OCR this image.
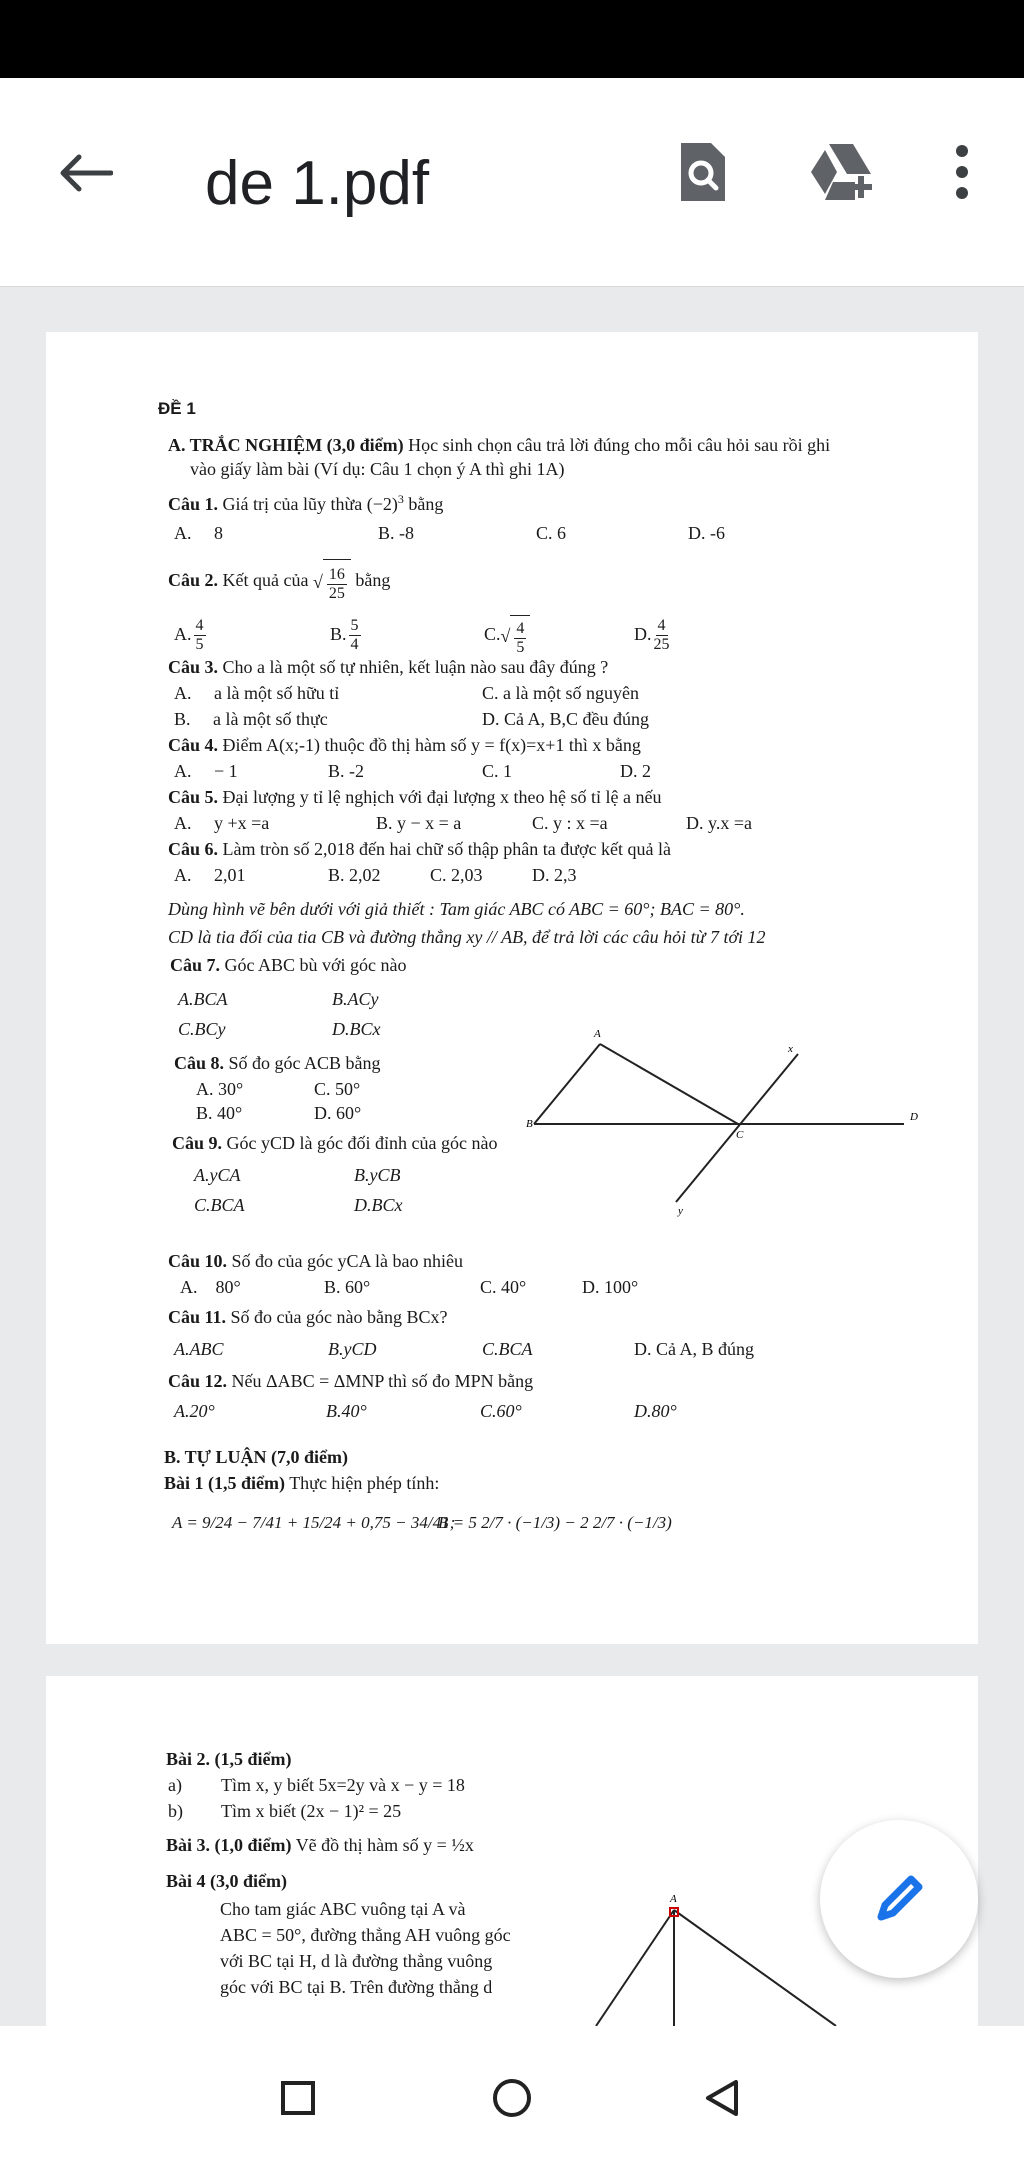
de 1.pdf
ĐỀ 1
A. TRẮC NGHIỆM (3,0 điểm) Học sinh chọn câu trả lời đúng cho mỗi câu hỏi sau rồi ghi
vào giấy làm bài (Ví dụ: Câu 1 chọn ý A thì ghi 1A)
Câu 1. Giá trị của lũy thừa $(-2)^3$ bằng
A. 8	B. -8	C. 6	D. -6
Câu 2. Kết quả của √ $\frac{16}{25}$ bằng
A. $\frac{4}{5}$	B. $\frac{5}{4}$	$C.√ \frac{4}{5}$	D. $\frac{4}{25}$
Câu 3. Cho a là một số tự nhiên, kết luận nào sau đây đúng ?
A. a là một số hữu tỉ	C. a là một số nguyên
B. a là một số thực	D. Cả A, B,C đều đúng
Câu 4. Điểm A(x;-1) thuộc đồ thị hàm số y = f(x)=x+1 thì x bằng
A. − 1	B. -2	C. 1	D. 2
Câu 5. Đại lượng y tỉ lệ nghịch với đại lượng x theo hệ số tỉ lệ a nếu
A. y +x =a	B. y − x = a	C. y : x =a	D. y.x =a
Câu 6. Làm tròn số 2,018 đến hai chữ số thập phân ta được kết quả là
A. 2,01	B. 2,02	C. 2,03	D. 2,3
Dùng hình vẽ bên dưới với giả thiết : Tam giác ABC có ABC = 60°; BAC = 80°.
CD là tia đối của tia CB và đường thẳng xy // AB, để trả lời các câu hỏi từ 7 tới 12
Câu 7. Góc ABC bù với góc nào
A.BCA	B.ACy
C.BCy	D.BCx
Câu 8. Số đo góc ACB bằng
A. 30°	C. 50°
B. 40°	D. 60°
Câu 9. Góc yCD là góc đối đỉnh của góc nào
A.yCA	B.yCB
C.BCA	D.BCx
A
B
C
D
x
y
Câu 10. Số đo của góc yCA là bao nhiêu
A. 80°	B. 60°	C. 40°	D. 100°
Câu 11. Số đo của góc nào bằng BCx?
A.ABC	B.yCD	C.BCA	D. Cả A, B đúng
Câu 12. Nếu ΔABC = ΔMNP thì số đo MPN bằng
A.20°	B.40°	C.60°	D.80°
B. TỰ LUẬN (7,0 điểm)
Bài 1 (1,5 điểm) Thực hiện phép tính:
A = 9/24 − 7/41 + 15/24 + 0,75 − 34/41;
B = 5 2/7 · (−1/3) − 2 2/7 · (−1/3)
Bài 2. (1,5 điểm)
a) Tìm x, y biết 5x=2y và x − y = 18
b) Tìm x biết (2x − 1)² = 25
Bài 3. (1,0 điểm) Vẽ đồ thị hàm số y = ½x
Bài 4 (3,0 điểm)
Cho tam giác ABC vuông tại A và
ABC = 50°, đường thẳng AH vuông góc
với BC tại H, d là đường thẳng vuông
góc với BC tại B. Trên đường thẳng d
A
